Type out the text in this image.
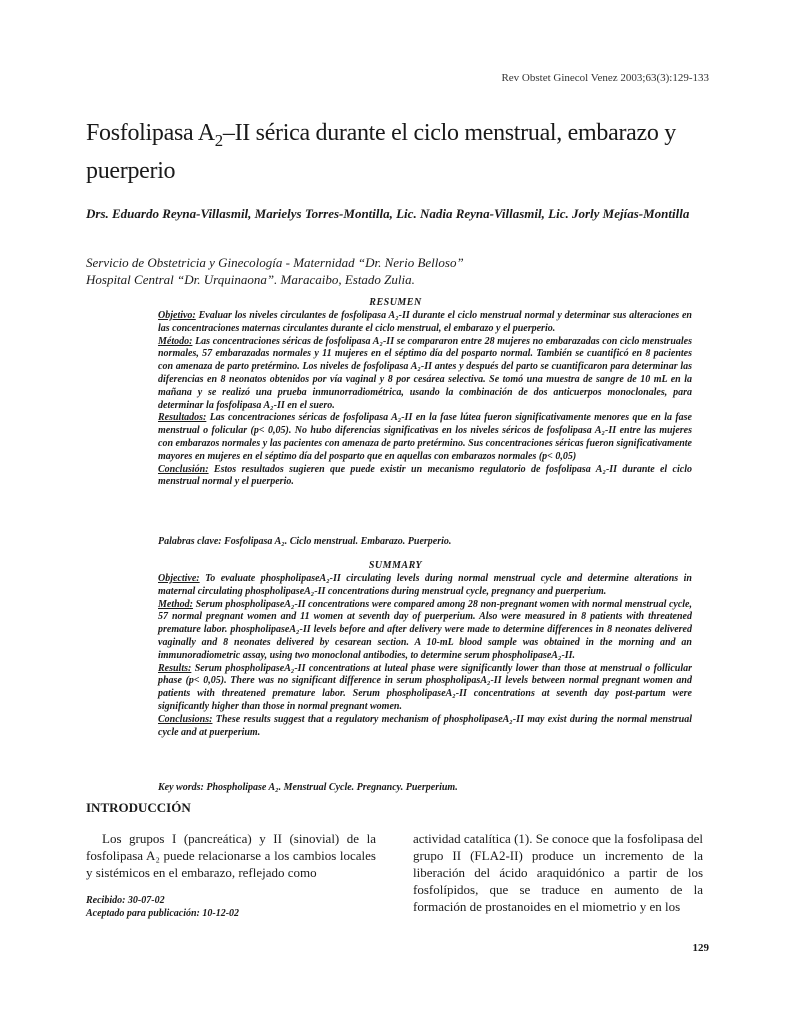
Rev Obstet Ginecol Venez 2003;63(3):129-133
Fosfolipasa $A_2-II$ sérica durante el ciclo menstrual, embarazo y puerperio
Drs. Eduardo Reyna-Villasmil, Marielys Torres-Montilla, Lic. Nadia Reyna-Villasmil, Lic. Jorly Mejías-Montilla
Servicio de Obstetricia y Ginecología - Maternidad “Dr. Nerio Belloso”
Hospital Central “Dr. Urquinaona”. Maracaibo, Estado Zulia.
RESUMEN

Objetivo: Evaluar los niveles circulantes de fosfolipasa A₂-II durante el ciclo menstrual normal y determinar sus alteraciones en las concentraciones maternas circulantes durante el ciclo menstrual, el embarazo y el puerperio.

Método: Las concentraciones séricas de fosfolipasa A₂-II se compararon entre 28 mujeres no embarazadas con ciclo menstruales normales, 57 embarazadas normales y 11 mujeres en el séptimo día del posparto normal. También se cuantificó en 8 pacientes con amenaza de parto pretérmino. Los niveles de fosfolipasa A₂-II antes y después del parto se cuantificaron para determinar las diferencias en 8 neonatos obtenidos por vía vaginal y 8 por cesárea selectiva. Se tomó una muestra de sangre de 10 mL en la mañana y se realizó una prueba inmunorradiométrica, usando la combinación de dos anticuerpos monoclonales, para determinar la fosfolipasa A₂-II en el suero.

Resultados: Las concentraciones séricas de fosfolipasa A₂-II en la fase lútea fueron significativamente menores que en la fase menstrual o folicular (p< 0,05). No hubo diferencias significativas en los niveles séricos de fosfolipasa A₂-II entre las mujeres con embarazos normales y las pacientes con amenaza de parto pretérmino. Sus concentraciones séricas fueron significativamente mayores en mujeres en el séptimo día del posparto que en aquellas con embarazos normales (p< 0,05)

Conclusión: Estos resultados sugieren que puede existir un mecanismo regulatorio de fosfolipasa A₂-II durante el ciclo menstrual normal y el puerperio.

Palabras clave: Fosfolipasa A₂. Ciclo menstrual. Embarazo. Puerperio.
SUMMARY

Objective: To evaluate phospholipaseA₂-II circulating levels during normal menstrual cycle and determine alterations in maternal circulating phospholipaseA₂-II concentrations during menstrual cycle, pregnancy and puerperium.

Method: Serum phospholipaseA₂-II concentrations were compared among 28 non-pregnant women with normal menstrual cycle, 57 normal pregnant women and 11 women at seventh day of puerperium. Also were measured in 8 patients with threatened premature labor. phospholipaseA₂-II levels before and after delivery were made to determine differences in 8 neonates delivered vaginally and 8 neonates delivered by cesarean section. A 10-mL blood sample was obtained in the morning and an immunoradiometric assay, using two monoclonal antibodies, to determine serum phospholipaseA₂-II.

Results: Serum phospholipaseA₂-II concentrations at luteal phase were significantly lower than those at menstrual o follicular phase (p< 0,05). There was no significant difference in serum phospholipasA₂-II levels between normal pregnant women and patients with threatened premature labor. Serum phospholipaseA₂-II concentrations at seventh day post-partum were significantly higher than those in normal pregnant women.

Conclusions: These results suggest that a regulatory mechanism of phospholipaseA₂-II may exist during the normal menstrual cycle and at puerperium.

Key words: Phospholipase A₂. Menstrual Cycle. Pregnancy. Puerperium.
INTRODUCCIÓN

Los grupos I (pancreática) y II (sinovial) de la fosfolipasa A₂ puede relacionarse a los cambios locales y sistémicos en el embarazo, reflejado como

actividad catalítica (1). Se conoce que la fosfolipasa del grupo II (FLA2-II) produce un incremento de la liberación del ácido araquidónico a partir de los fosfolípidos, que se traduce en aumento de la formación de prostanoides en el miometrio y en los

Recibido: 30-07-02
Aceptado para publicación: 10-12-02
129
